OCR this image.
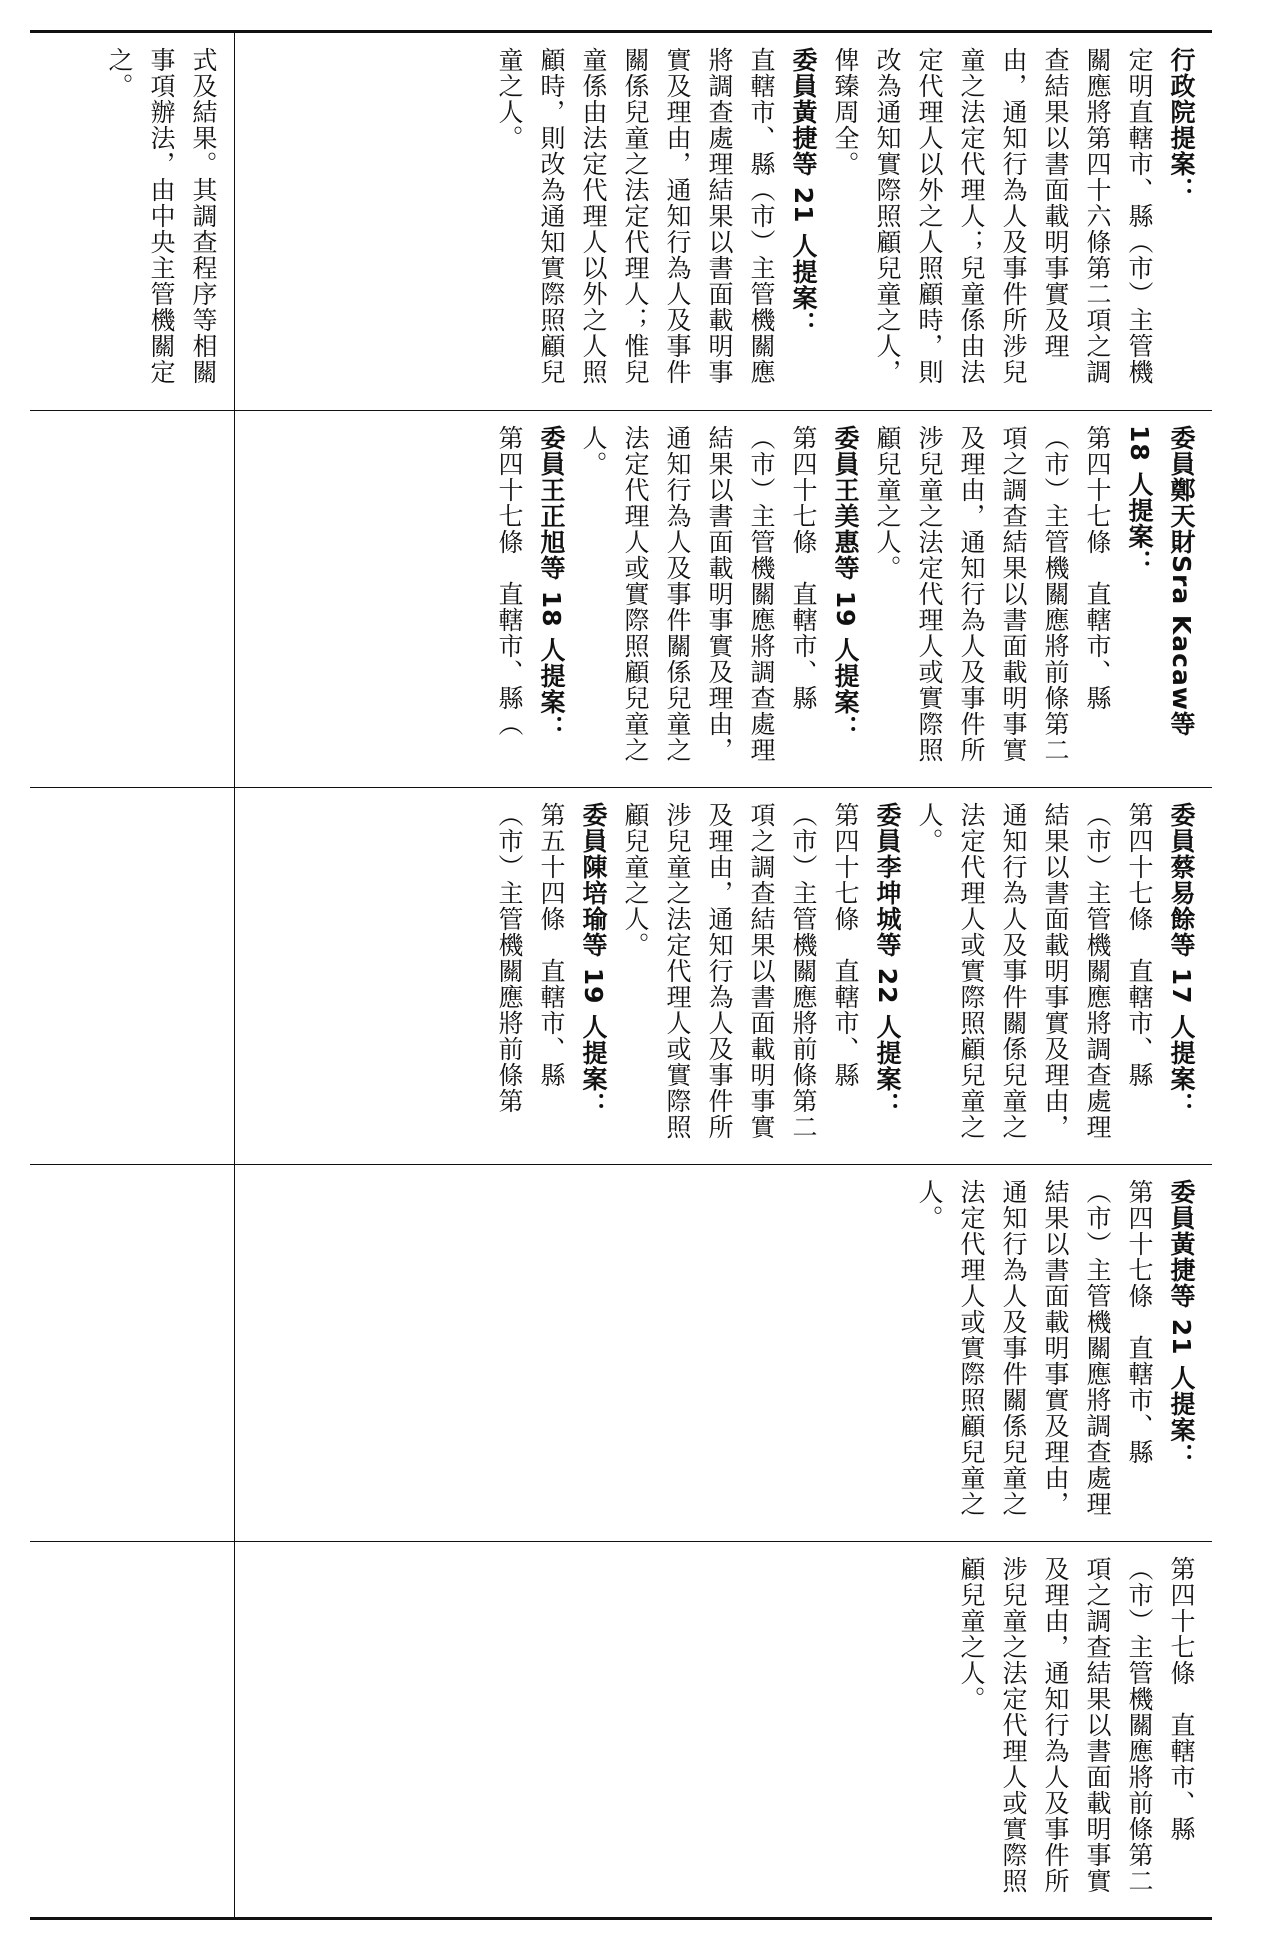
式及結果。其調查程序等相關事項辦法，由中央主管機關定之。	行政院提案：

定明直轄市、縣（市）主管機關應將第四十六條第二項之調查結果以書面載明事實及理由，通知行為人及事件所涉兒童之法定代理人；兒童係由法定代理人以外之人照顧時，則改為通知實際照顧兒童之人，俾臻周全。

委員黃捷等 21 人提案：

直轄市、縣（市）主管機關應將調查處理結果以書面載明事實及理由，通知行為人及事件關係兒童之法定代理人；惟兒童係由法定代理人以外之人照顧時，則改為通知實際照顧兒童之人。

委員鄭天財Sra Kacaw等 18 人提案：

第四十七條　直轄市、縣（市）主管機關應將前條第二項之調查結果以書面載明事實及理由，通知行為人及事件所涉兒童之法定代理人或實際照顧兒童之人。

委員王美惠等 19 人提案：

第四十七條　直轄市、縣（市）主管機關應將調查處理結果以書面載明事實及理由，通知行為人及事件關係兒童之法定代理人或實際照顧兒童之人。

委員王正旭等 18 人提案：

第四十七條　直轄市、縣（

委員蔡易餘等 17 人提案：

第四十七條　直轄市、縣（市）主管機關應將調查處理結果以書面載明事實及理由，通知行為人及事件關係兒童之法定代理人或實際照顧兒童之人。

委員李坤城等 22 人提案：

第四十七條　直轄市、縣（市）主管機關應將前條第二項之調查結果以書面載明事實及理由，通知行為人及事件所涉兒童之法定代理人或實際照顧兒童之人。

委員陳培瑜等 19 人提案：

第五十四條　直轄市、縣（市）主管機關應將前條第

委員黃捷等 21 人提案：

第四十七條　直轄市、縣（市）主管機關應將調查處理結果以書面載明事實及理由，通知行為人及事件關係兒童之法定代理人或實際照顧兒童之人。

第四十七條　直轄市、縣（市）主管機關應將前條第二項之調查結果以書面載明事實及理由，通知行為人及事件所涉兒童之法定代理人或實際照顧兒童之人。
